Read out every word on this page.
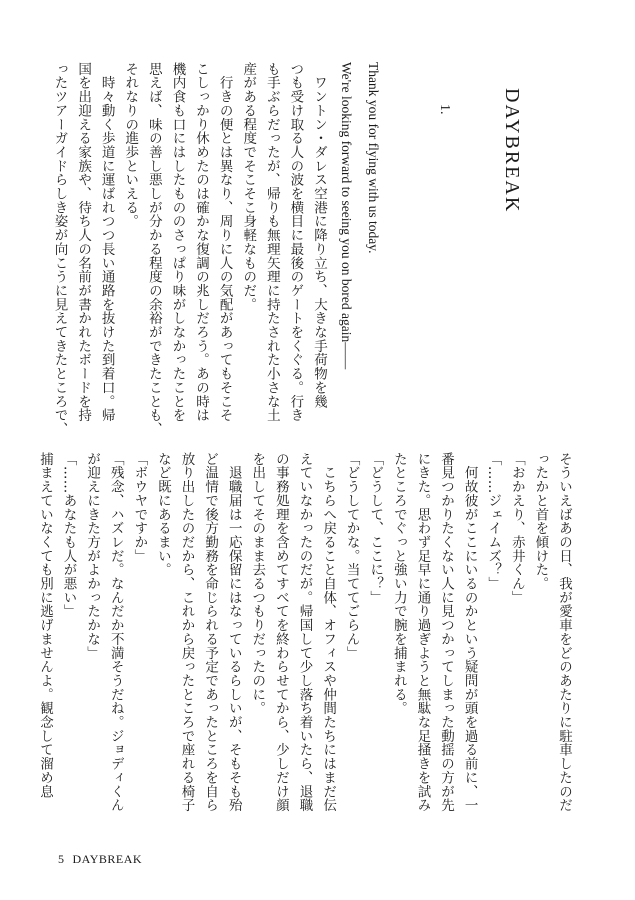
DAYBREAK
1.
Thank you for flying with us today.
We're looking forward to seeing you on bored again――
　ワントン・ダレス空港に降り立ち、大きな手荷物を幾
つも受け取る人の波を横目に最後のゲートをくぐる。行き
も手ぶらだったが、帰りも無理矢理に持たされた小さな土
産がある程度でそこそこ身軽なものだ。
　行きの便とは異なり、周りに人の気配があってもそこそ
こしっかり休めたのは確かな復調の兆しだろう。あの時は
機内食も口にはしたもののさっぱり味がしなかったことを
思えば、味の善し悪しが分かる程度の余裕ができたことも、
それなりの進歩といえる。
　時々動く歩道に運ばれつつ長い通路を抜けた到着口。帰
国を出迎える家族や、待ち人の名前が書かれたボードを持
ったツアーガイドらしき姿が向こうに見えてきたところで、
そういえばあの日、我が愛車をどのあたりに駐車したのだ
ったかと首を傾けた。
「おかえり、赤井くん」
「……ジェイムズ？」
　何故彼がここにいるのかという疑問が頭を過る前に、一
番見つかりたくない人に見つかってしまった動揺の方が先
にきた。思わず足早に通り過ぎようと無駄な足掻きを試み
たところでぐっと強い力で腕を捕まれる。
「どうして、ここに？」
「どうしてかな。当ててごらん」
　こちらへ戻ること自体、オフィスや仲間たちにはまだ伝
えていなかったのだが。帰国して少し落ち着いたら、退職
の事務処理を含めてすべてを終わらせてから、少しだけ顔
を出してそのまま去るつもりだったのに。
　退職届は一応保留にはなっているらしいが、そもそも殆
ど温情で後方勤務を命じられる予定であったところを自ら
放り出したのだから、これから戻ったところで座れる椅子
など既にあるまい。
「ボウヤですか」
「残念、ハズレだ。なんだか不満そうだね。ジョディくん
が迎えにきた方がよかったかな」
「……あなたも人が悪い」
捕まえていなくても別に逃げませんよ。観念して溜め息
5 DAYBREAK
